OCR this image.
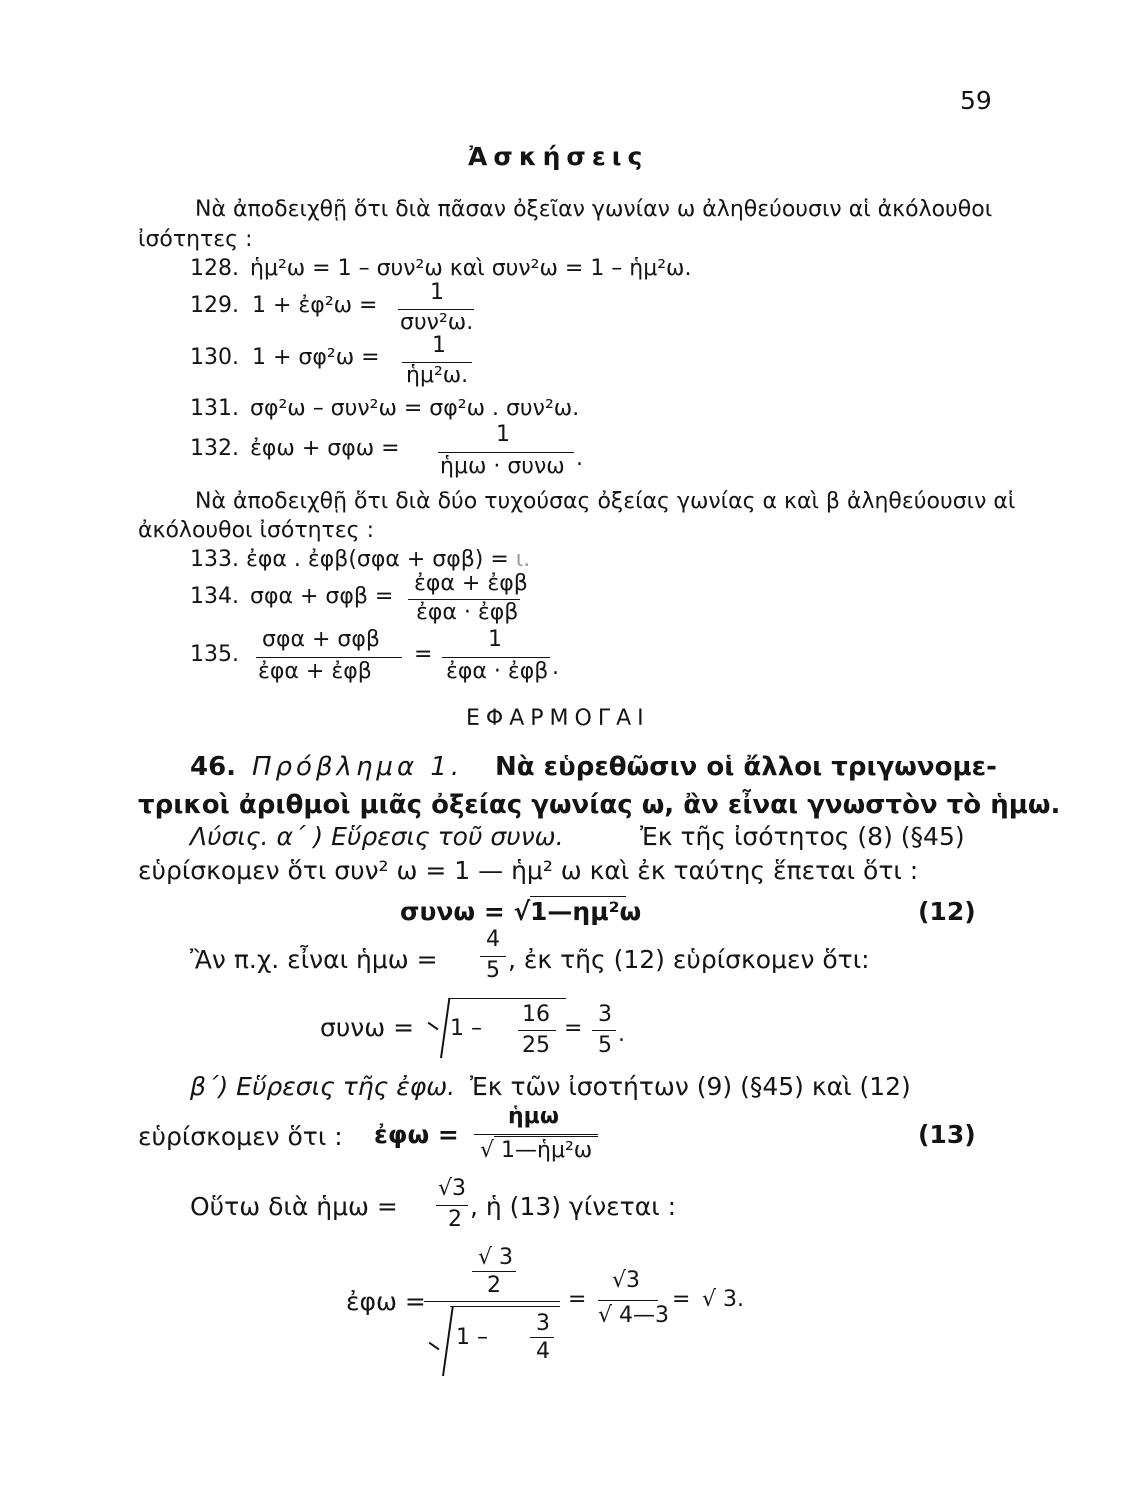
59
Ἀσκήσεις
Νὰ ἀποδειχθῇ ὅτι διὰ πᾶσαν ὀξεῖαν γωνίαν ω ἀληθεύουσιν αἱ ἀκόλουθοι
ἰσότητες :
128. ἡμ²ω = 1 – συν²ω καὶ συν²ω = 1 – ἡμ²ω.
129. 1 + ἐφ²ω =
1
συν²ω.
130. 1 + σφ²ω = 1
ἡμ²ω.
131. σφ²ω – συν²ω = σφ²ω . συν²ω.
132. ἐφω + σφω =
1
ἡμω · συνω .
Νὰ ἀποδειχθῇ ὅτι διὰ δύο τυχούσας ὀξείας γωνίας α καὶ β ἀληθεύουσιν αἱ
ἀκόλουθοι ἰσότητες :
133. ἐφα . ἐφβ(σφα + σφβ) = ι.
134. σφα + σφβ =
ἐφα + ἐφβ
ἐφα · ἐφβ
135.
σφα + σφβ
ἐφα + ἐφβ
=
1
ἐφα · ἐφβ .
ΕΦΑΡΜΟΓΑΙ
46. Πρόβλημα 1. Νὰ εὑρεθῶσιν οἱ ἄλλοι τριγωνομε-
τρικοὶ ἀριθμοὶ μιᾶς ὀξείας γωνίας ω, ἂν εἶναι γνωστὸν τὸ ἡμω.
Λύσις. α΄ ) Εὕρεσις τοῦ συνω.	Ἐκ τῆς ἰσότητος (8) (§45)
εὑρίσκομεν ὅτι συν² ω = 1 — ἡμ² ω καὶ ἐκ ταύτης ἕπεται ὅτι :
συνω = √ 1—ημ²ω	(12)
Ἂν π.χ. εἶναι ἡμω =
4
5 , ἐκ τῆς (12) εὑρίσκομεν ὅτι:
συνω = 1 –
16
25
=
3
5 .
β΄) Εὕρεσις τῆς ἐφω. Ἐκ τῶν ἰσοτήτων (9) (§45) καὶ (12)
εὑρίσκομεν ὅτι : ἐφω =
ἡμω
√ 1—ἡμ²ω
(13)
Οὕτω διὰ ἡμω =
√3
2 , ἡ (13) γίνεται :
ἐφω =
√ 3
2
1 –
3
4
=
√3
√ 4—3
= √ 3.
